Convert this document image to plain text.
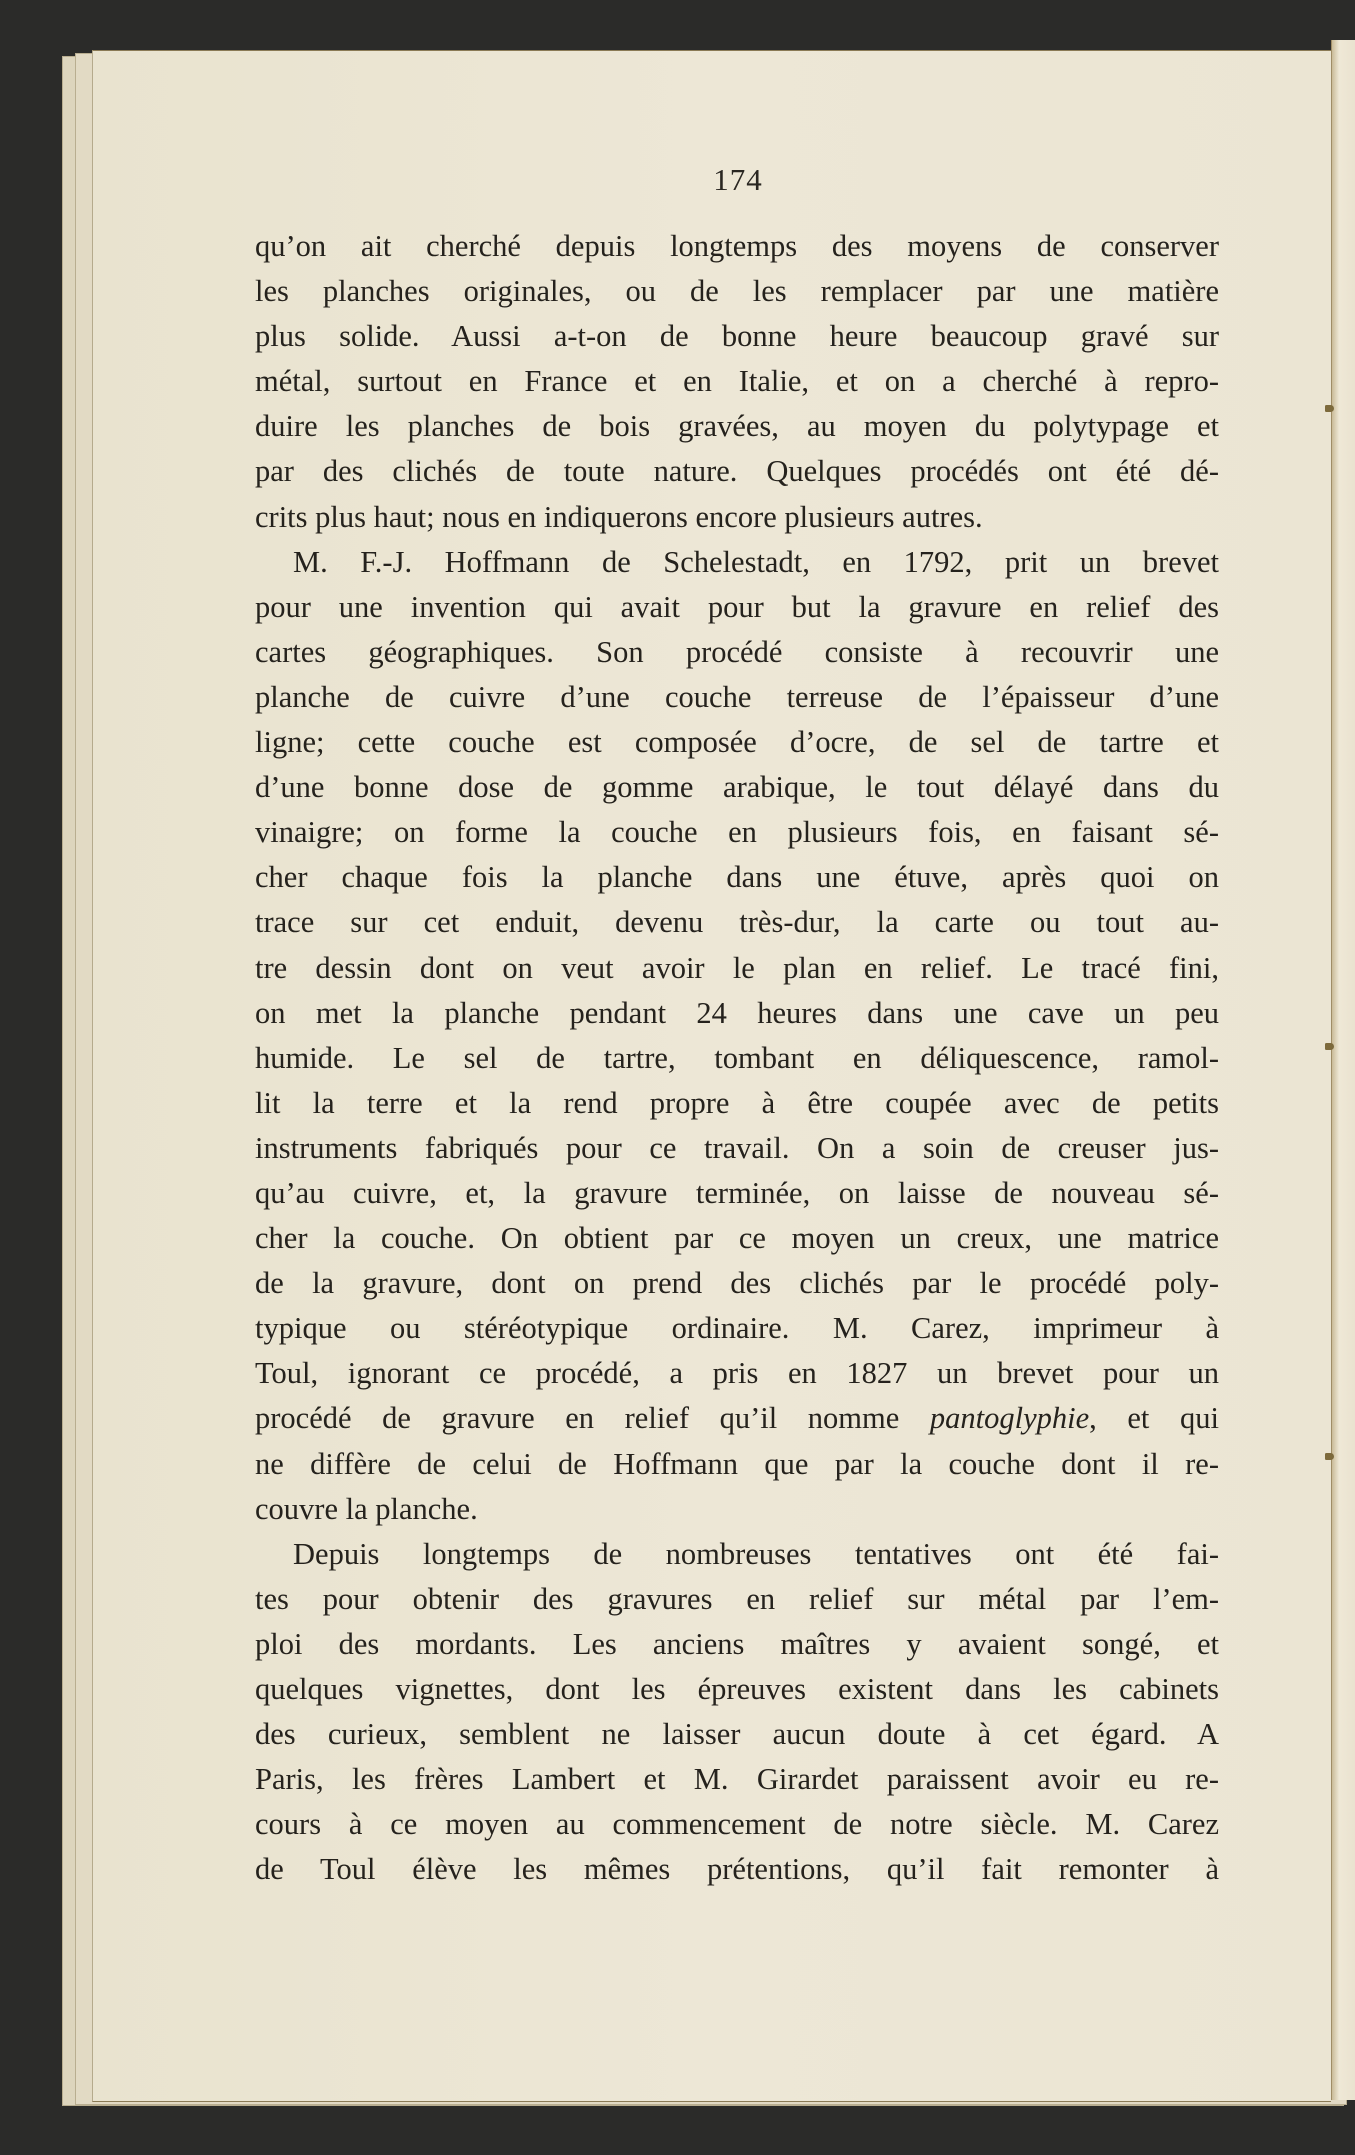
174
qu’on ait cherché depuis longtemps des moyens de conserver
les planches originales, ou de les remplacer par une matière
plus solide. Aussi a-t-on de bonne heure beaucoup gravé sur
métal, surtout en France et en Italie, et on a cherché à repro-
duire les planches de bois gravées, au moyen du polytypage et
par des clichés de toute nature. Quelques procédés ont été dé-
crits plus haut; nous en indiquerons encore plusieurs autres.
M. F.-J. Hoffmann de Schelestadt, en 1792, prit un brevet
pour une invention qui avait pour but la gravure en relief des
cartes géographiques. Son procédé consiste à recouvrir une
planche de cuivre d’une couche terreuse de l’épaisseur d’une
ligne; cette couche est composée d’ocre, de sel de tartre et
d’une bonne dose de gomme arabique, le tout délayé dans du
vinaigre; on forme la couche en plusieurs fois, en faisant sé-
cher chaque fois la planche dans une étuve, après quoi on
trace sur cet enduit, devenu très-dur, la carte ou tout au-
tre dessin dont on veut avoir le plan en relief. Le tracé fini,
on met la planche pendant 24 heures dans une cave un peu
humide. Le sel de tartre, tombant en déliquescence, ramol-
lit la terre et la rend propre à être coupée avec de petits
instruments fabriqués pour ce travail. On a soin de creuser jus-
qu’au cuivre, et, la gravure terminée, on laisse de nouveau sé-
cher la couche. On obtient par ce moyen un creux, une matrice
de la gravure, dont on prend des clichés par le procédé poly-
typique ou stéréotypique ordinaire. M. Carez, imprimeur à
Toul, ignorant ce procédé, a pris en 1827 un brevet pour un
procédé de gravure en relief qu’il nomme pantoglyphie, et qui
ne diffère de celui de Hoffmann que par la couche dont il re-
couvre la planche.
Depuis longtemps de nombreuses tentatives ont été fai-
tes pour obtenir des gravures en relief sur métal par l’em-
ploi des mordants. Les anciens maîtres y avaient songé, et
quelques vignettes, dont les épreuves existent dans les cabinets
des curieux, semblent ne laisser aucun doute à cet égard. A
Paris, les frères Lambert et M. Girardet paraissent avoir eu re-
cours à ce moyen au commencement de notre siècle. M. Carez
de Toul élève les mêmes prétentions, qu’il fait remonter à
